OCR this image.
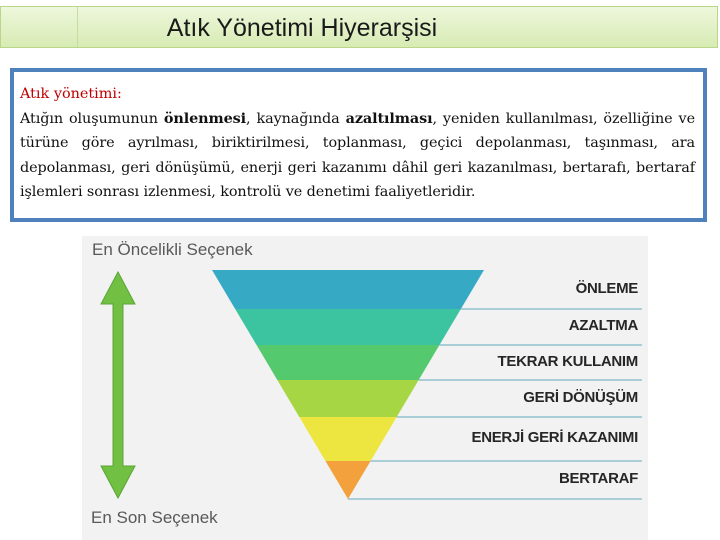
Atık Yönetimi Hiyerarşisi
Atık yönetimi:
Atığın oluşumunun önlenmesi, kaynağında azaltılması, yeniden kullanılması, özelliğine ve türüne göre ayrılması, biriktirilmesi, toplanması, geçici depolanması, taşınması, ara depolanması, geri dönüşümü, enerji geri kazanımı dâhil geri kazanılması, bertarafı, bertaraf işlemleri sonrası izlenmesi, kontrolü ve denetimi faaliyetleridir.
En Öncelikli Seçenek
En Son Seçenek
ÖNLEME
AZALTMA
TEKRAR KULLANIM
GERİ DÖNÜŞÜM
ENERJİ GERİ KAZANIMI
BERTARAF
